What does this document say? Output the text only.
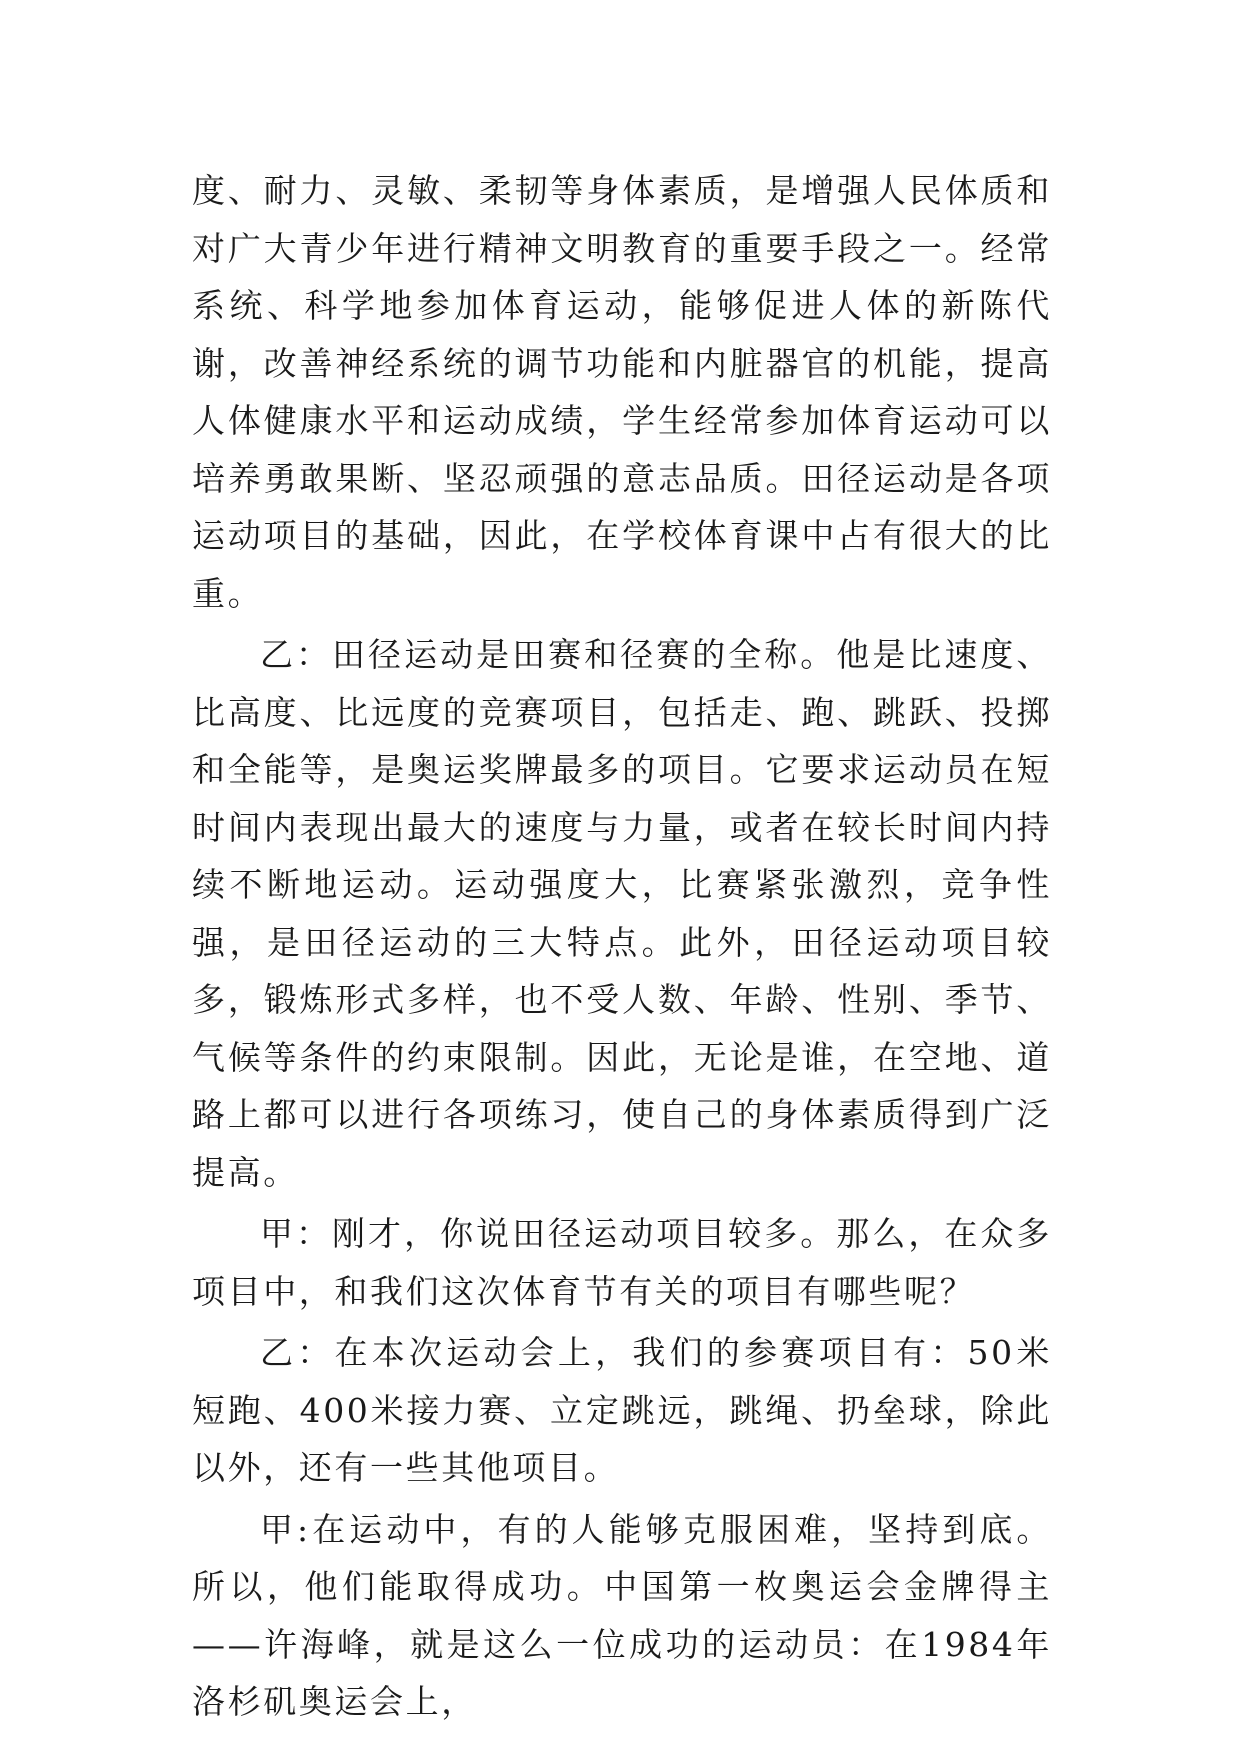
度、耐力、灵敏、柔韧等身体素质，是增强人民体质和对广大青少年进行精神文明教育的重要手段之一。经常系统、科学地参加体育运动，能够促进人体的新陈代谢，改善神经系统的调节功能和内脏器官的机能，提高人体健康水平和运动成绩，学生经常参加体育运动可以培养勇敢果断、坚忍顽强的意志品质。田径运动是各项运动项目的基础，因此，在学校体育课中占有很大的比重。

乙：田径运动是田赛和径赛的全称。他是比速度、比高度、比远度的竞赛项目，包括走、跑、跳跃、投掷和全能等，是奥运奖牌最多的项目。它要求运动员在短时间内表现出最大的速度与力量，或者在较长时间内持续不断地运动。运动强度大，比赛紧张激烈，竞争性强，是田径运动的三大特点。此外，田径运动项目较多，锻炼形式多样，也不受人数、年龄、性别、季节、气候等条件的约束限制。因此，无论是谁，在空地、道路上都可以进行各项练习，使自己的身体素质得到广泛提高。

甲：刚才，你说田径运动项目较多。那么，在众多项目中，和我们这次体育节有关的项目有哪些呢？

乙：在本次运动会上，我们的参赛项目有：50米短跑、400米接力赛、立定跳远，跳绳、扔垒球，除此以外，还有一些其他项目。

甲:在运动中，有的人能够克服困难，坚持到底。所以，他们能取得成功。中国第一枚奥运会金牌得主——许海峰，就是这么一位成功的运动员：在1984年洛杉矶奥运会上，
